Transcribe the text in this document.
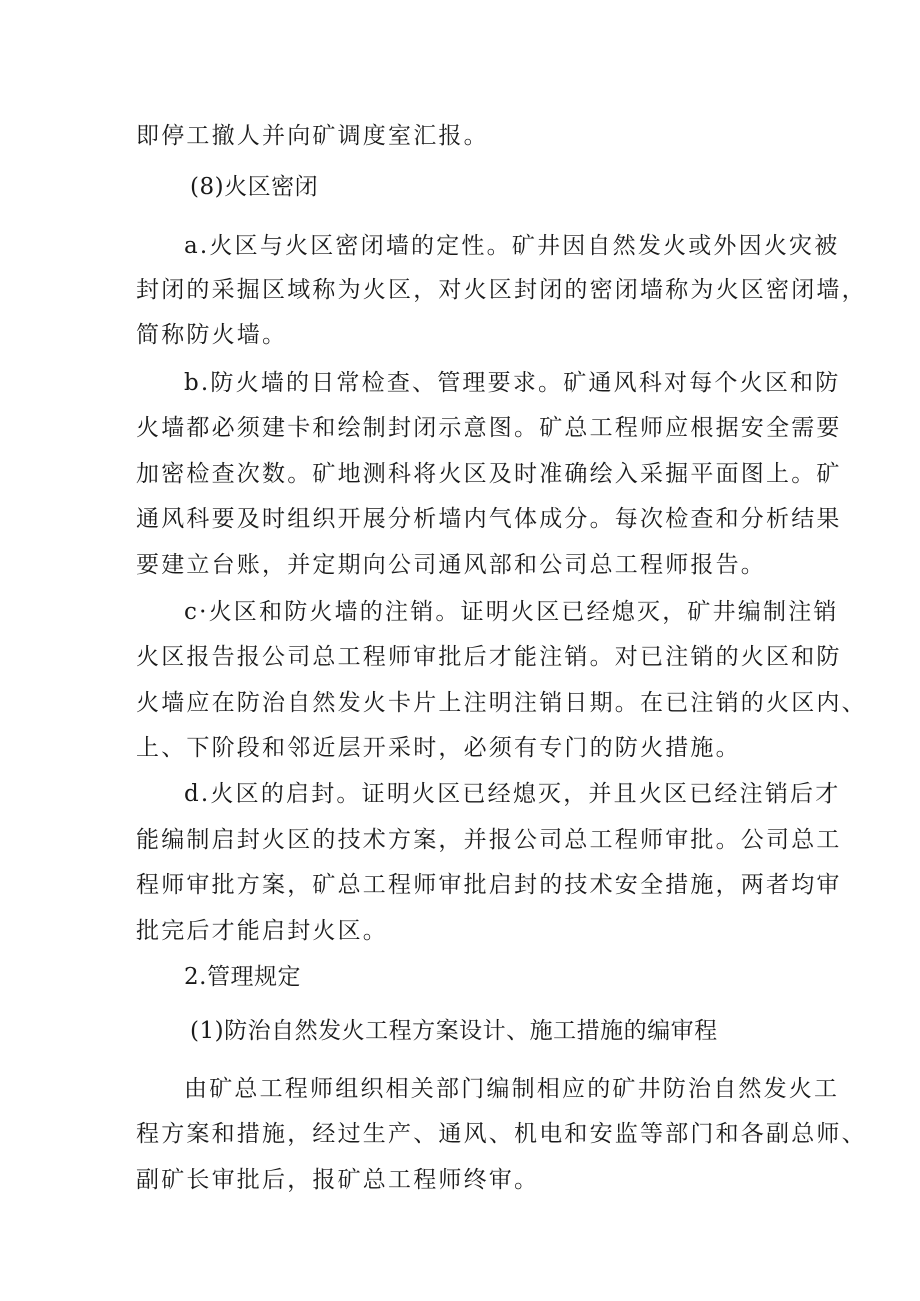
即停工撤人并向矿调度室汇报。
(8)火区密闭
a.火区与火区密闭墙的定性。矿井因自然发火或外因火灾被
封闭的采掘区域称为火区，对火区封闭的密闭墙称为火区密闭墙，
简称防火墙。
b.防火墙的日常检查、管理要求。矿通风科对每个火区和防
火墙都必须建卡和绘制封闭示意图。矿总工程师应根据安全需要
加密检查次数。矿地测科将火区及时准确绘入采掘平面图上。矿
通风科要及时组织开展分析墙内气体成分。每次检查和分析结果
要建立台账，并定期向公司通风部和公司总工程师报告。
c·火区和防火墙的注销。证明火区已经熄灭，矿井编制注销
火区报告报公司总工程师审批后才能注销。对已注销的火区和防
火墙应在防治自然发火卡片上注明注销日期。在已注销的火区内、
上、下阶段和邻近层开采时，必须有专门的防火措施。
d.火区的启封。证明火区已经熄灭，并且火区已经注销后才
能编制启封火区的技术方案，并报公司总工程师审批。公司总工
程师审批方案，矿总工程师审批启封的技术安全措施，两者均审
批完后才能启封火区。
2.管理规定
(1)防治自然发火工程方案设计、施工措施的编审程
由矿总工程师组织相关部门编制相应的矿井防治自然发火工
程方案和措施，经过生产、通风、机电和安监等部门和各副总师、
副矿长审批后，报矿总工程师终审。
